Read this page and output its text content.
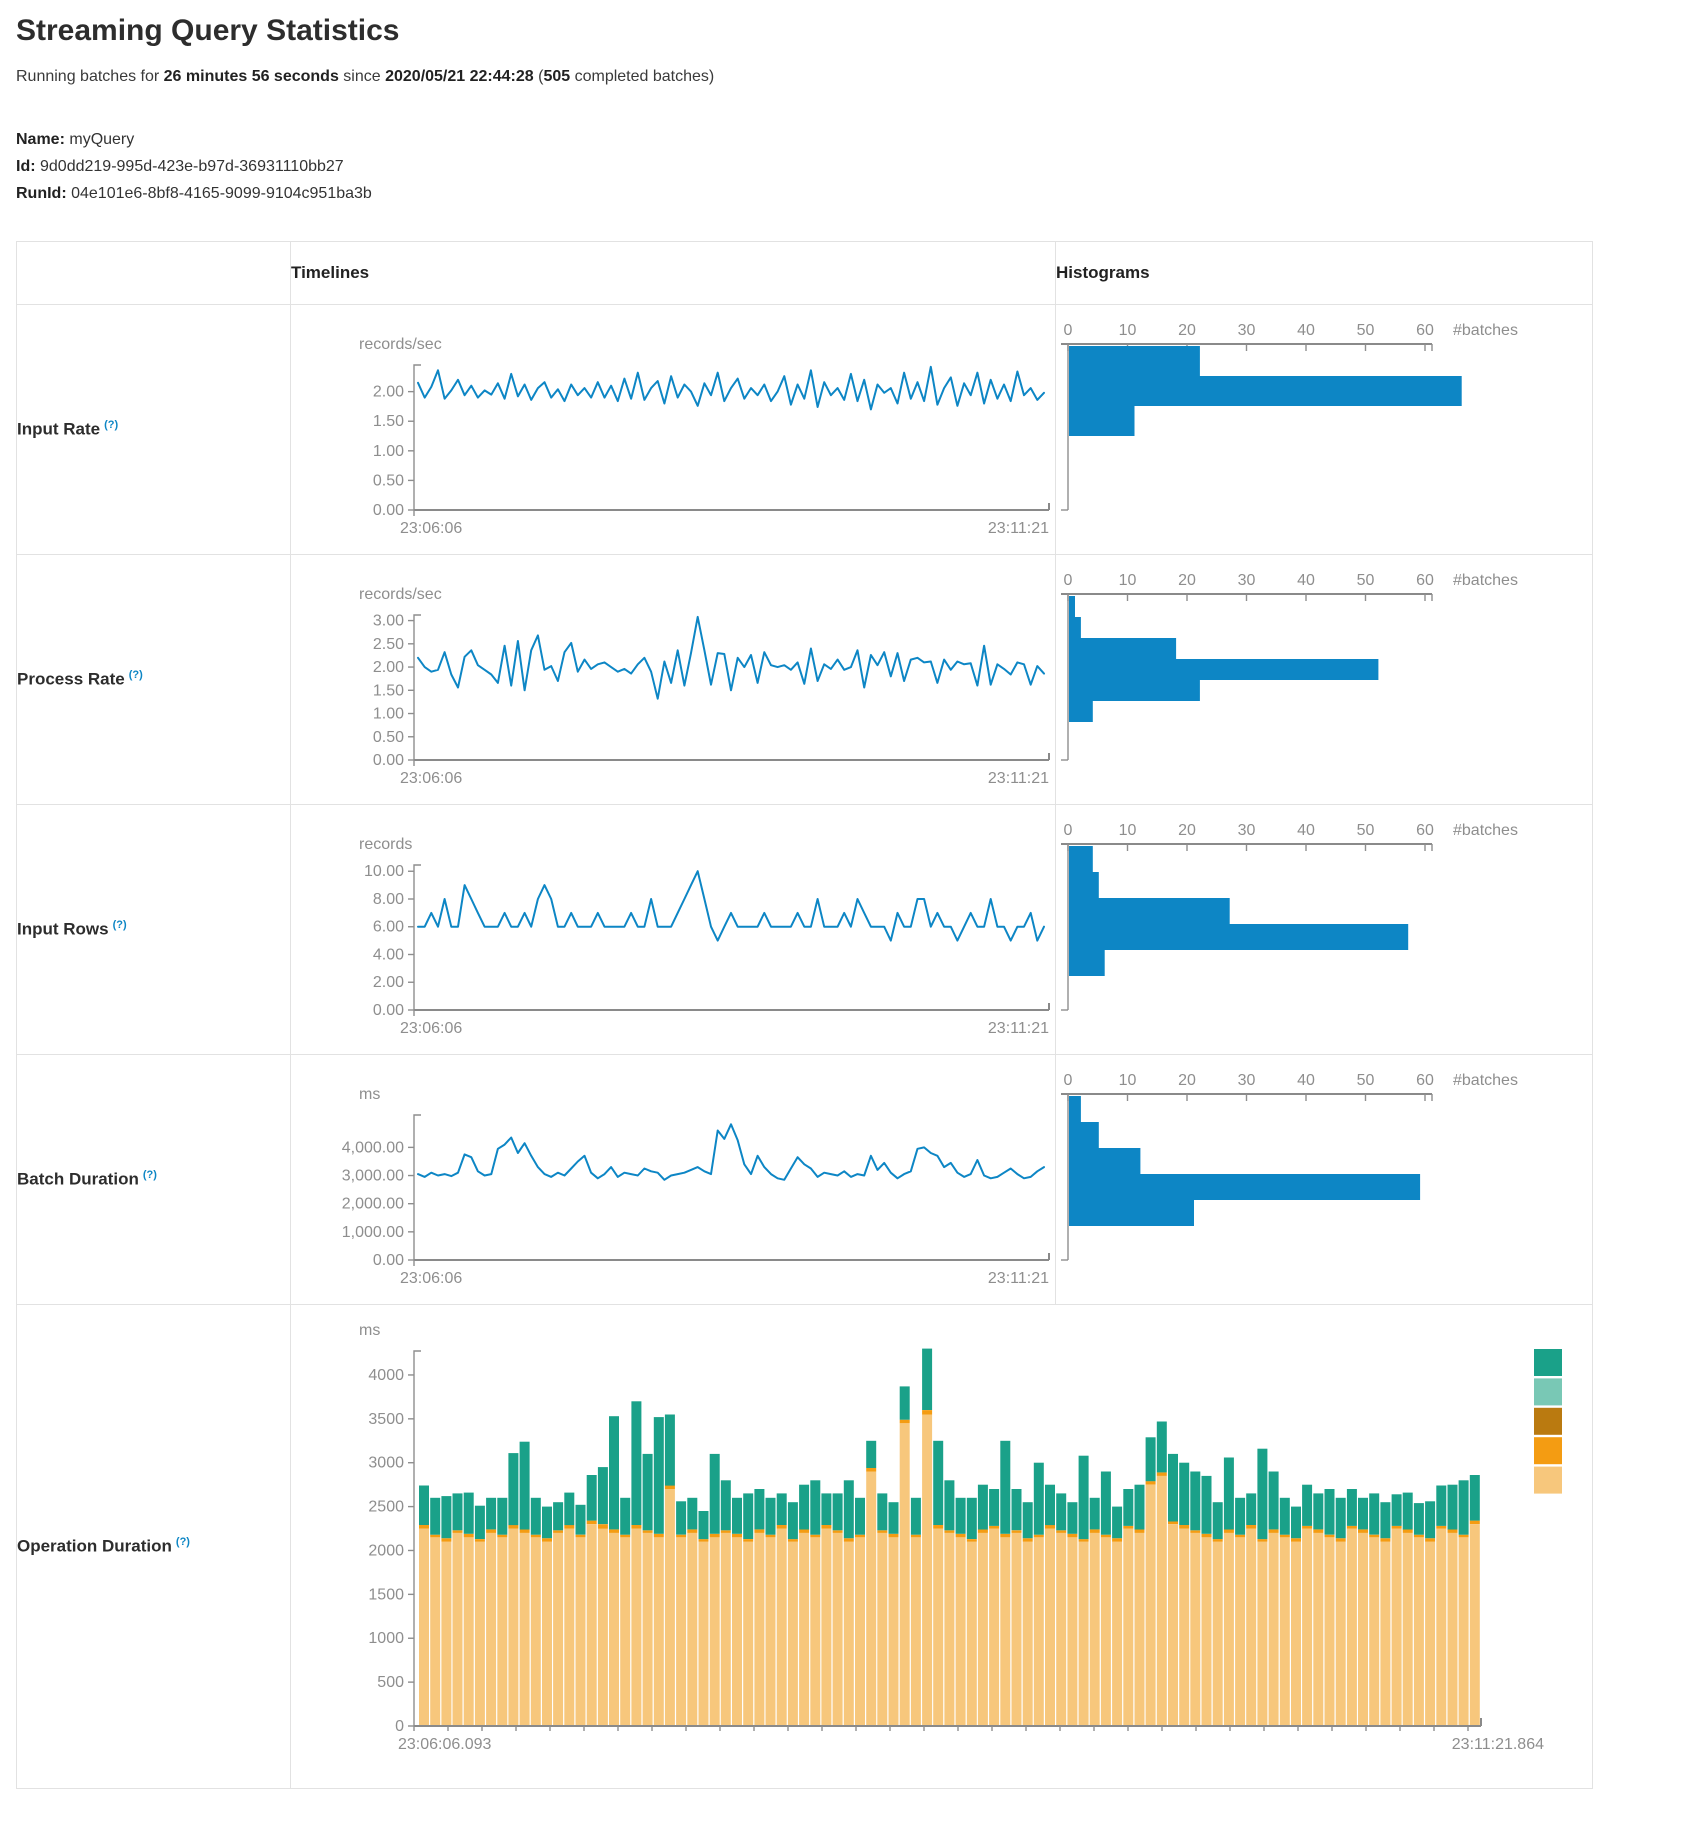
Streaming Query Statistics

Running batches for 26 minutes 56 seconds since 2020/05/21 22:44:28 (505 completed batches)

Name: myQuery
Id: 9d0dd219-995d-423e-b97d-36931110bb27
RunId: 04e101e6-8bf8-4165-9099-9104c951ba3b
	Timelines	Histograms
Input Rate (?)	
records/sec
2.00
1.50
1.00
0.50
0.00
23:06:06	23:11:21

0	10	20	30	40	50	60 #batches

Process Rate (?)	
records/sec
3.00
2.50
2.00
1.50
1.00
0.50
0.00
23:06:06	23:11:21

0	10	20	30	40	50	60 #batches

Input Rows (?)	
records
10.00
8.00
6.00
4.00
2.00
0.00
23:06:06	23:11:21

0	10	20	30	40	50	60 #batches

Batch Duration (?)	
ms
4,000.00
3,000.00
2,000.00
1,000.00
0.00
23:06:06	23:11:21

0	10	20	30	40	50	60 #batches

Operation Duration (?)	
ms
4000
3500
3000
2500
2000
1500
1000
500
0
23:06:06.093	23:11:21.864
